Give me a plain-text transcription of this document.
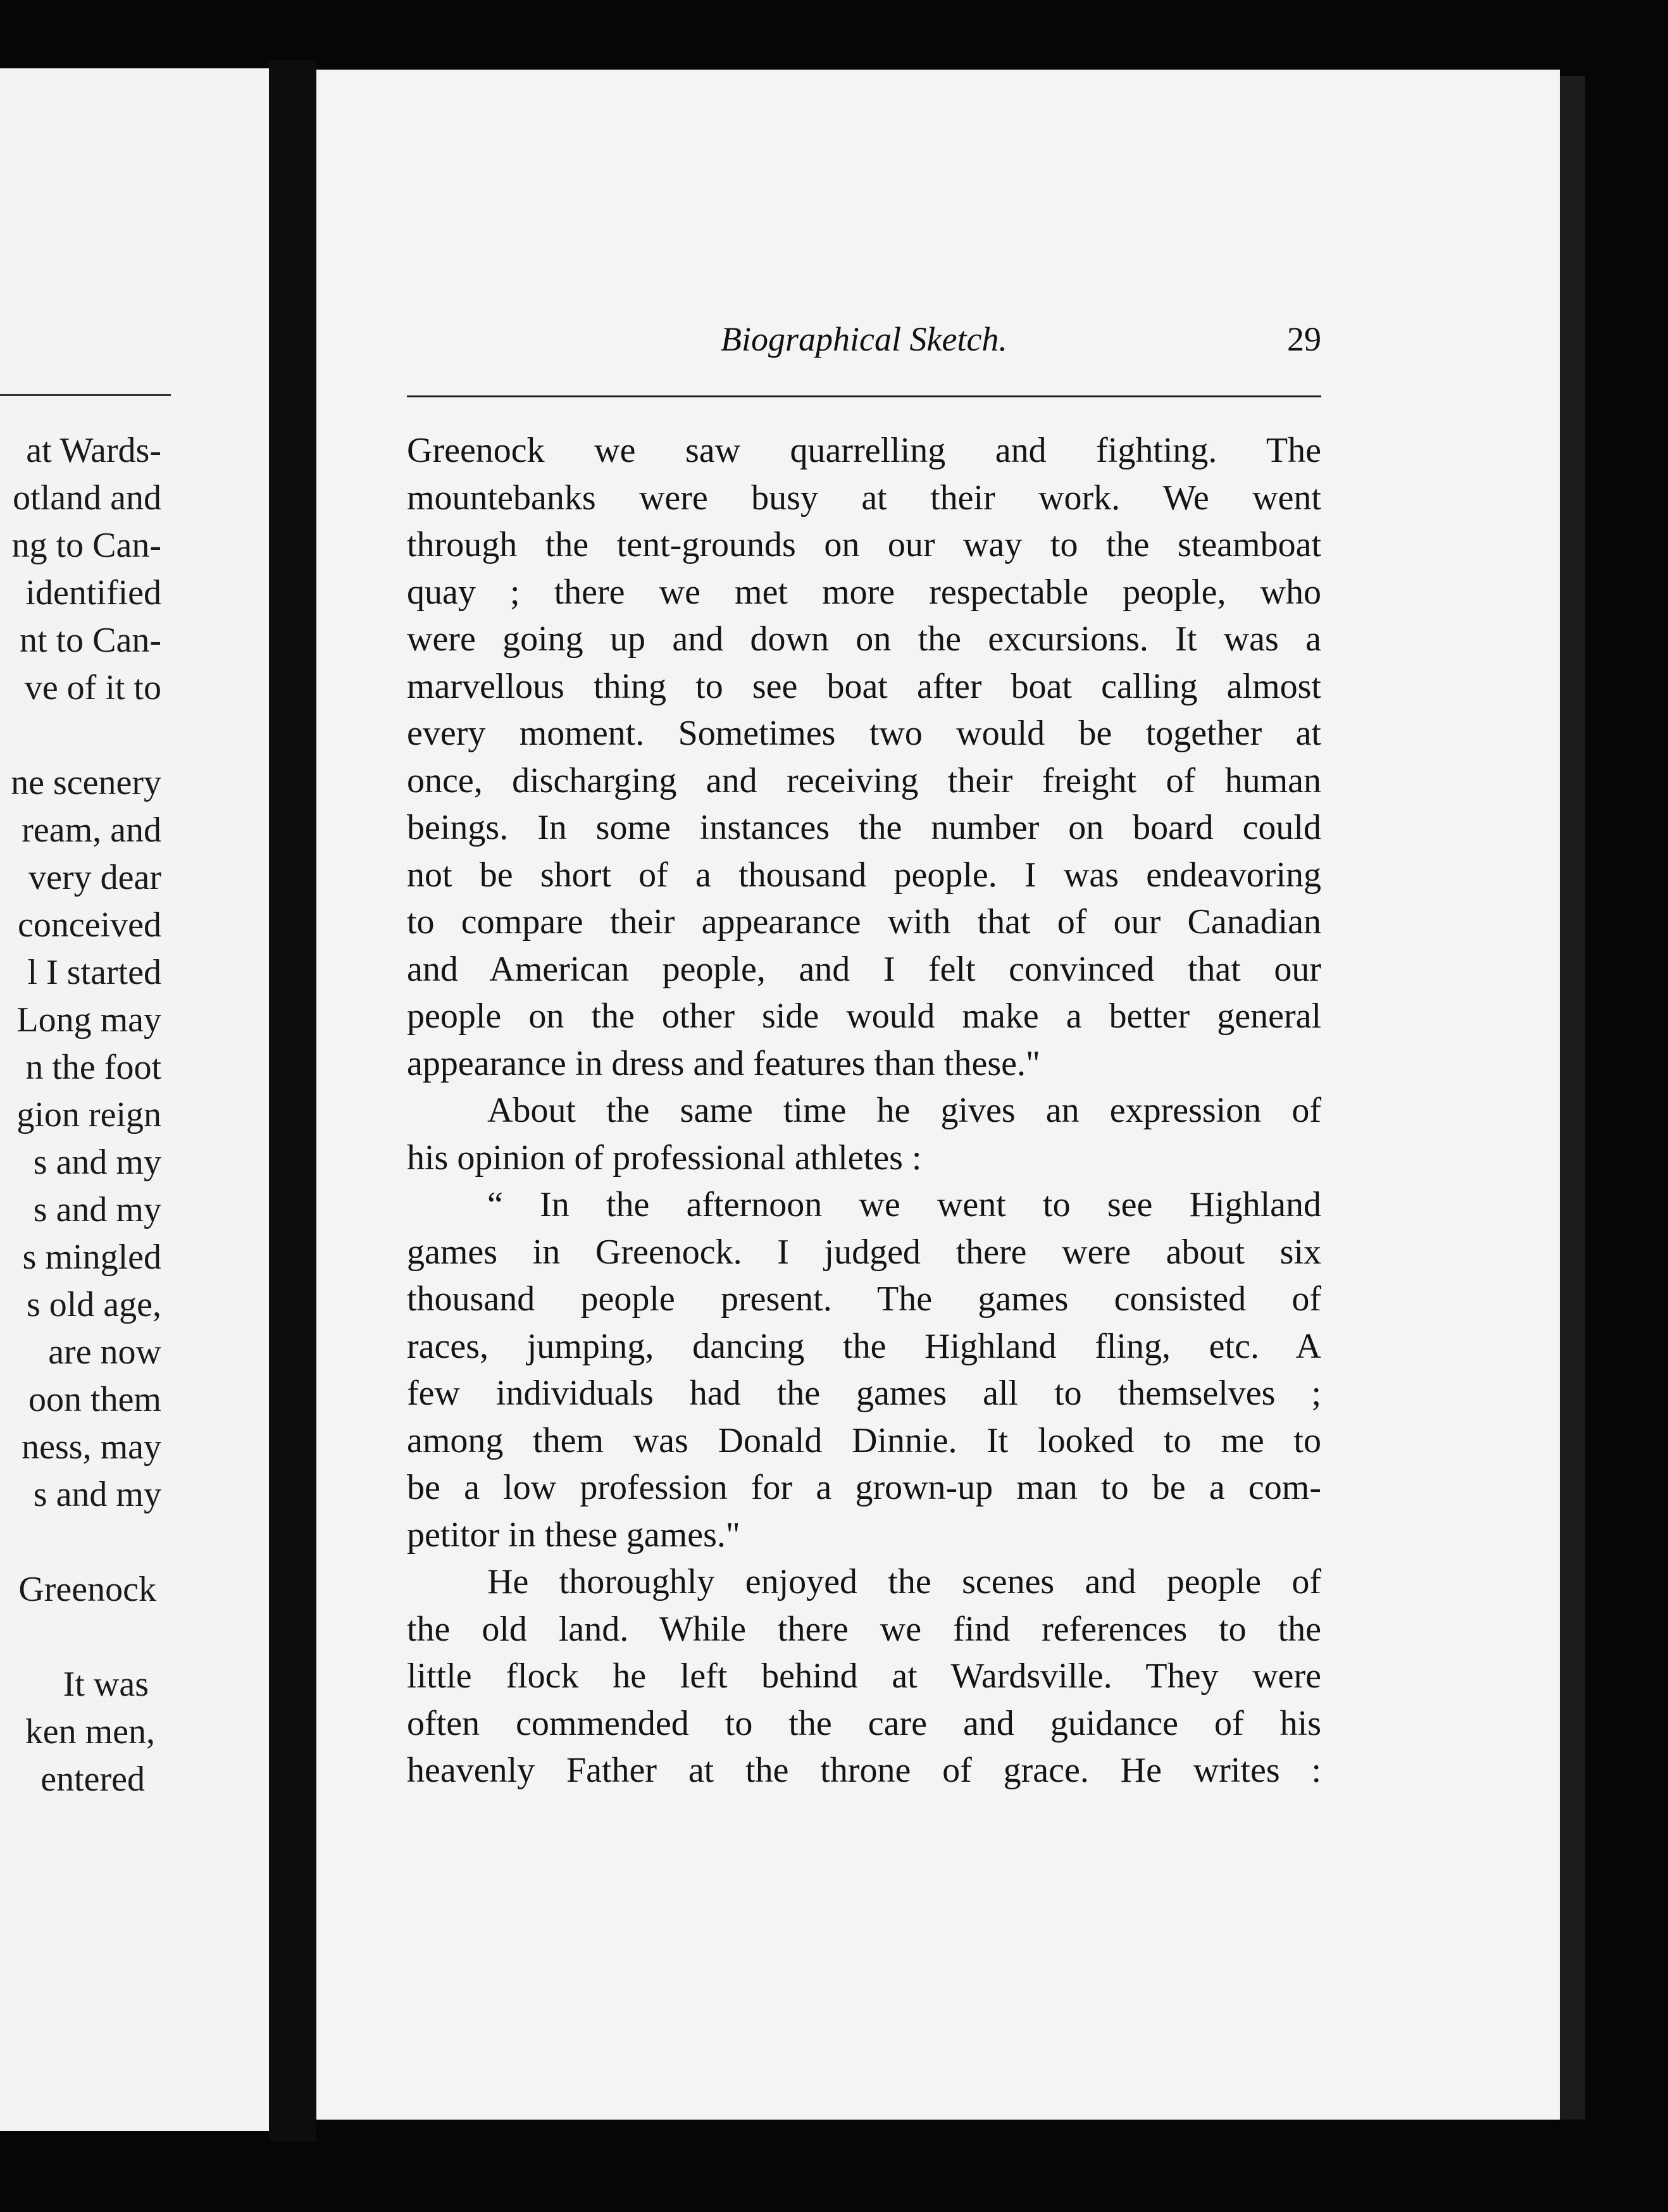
at Wards-
otland and
ng to Can-
identified
nt to Can-
ve of it to
ne scenery
ream, and
very dear
conceived
l I started
Long may
n the foot
gion reign
s and my
s and my
s mingled
s old age,
are now
oon them
ness, may
s and my
Greenock
It was
ken men,
entered
Biographical Sketch.	29
Greenock we saw quarrelling and fighting. The
mountebanks were busy at their work. We went
through the tent-grounds on our way to the steamboat
quay ; there we met more respectable people, who
were going up and down on the excursions. It was a
marvellous thing to see boat after boat calling almost
every moment. Sometimes two would be together at
once, discharging and receiving their freight of human
beings. In some instances the number on board could
not be short of a thousand people. I was endeavoring
to compare their appearance with that of our Canadian
and American people, and I felt convinced that our
people on the other side would make a better general
appearance in dress and features than these."
About the same time he gives an expression of
his opinion of professional athletes :
“ In the afternoon we went to see Highland
games in Greenock. I judged there were about six
thousand people present. The games consisted of
races, jumping, dancing the Highland fling, etc. A
few individuals had the games all to themselves ;
among them was Donald Dinnie. It looked to me to
be a low profession for a grown-up man to be a com-
petitor in these games."
He thoroughly enjoyed the scenes and people of
the old land. While there we find references to the
little flock he left behind at Wardsville. They were
often commended to the care and guidance of his
heavenly Father at the throne of grace. He writes :
